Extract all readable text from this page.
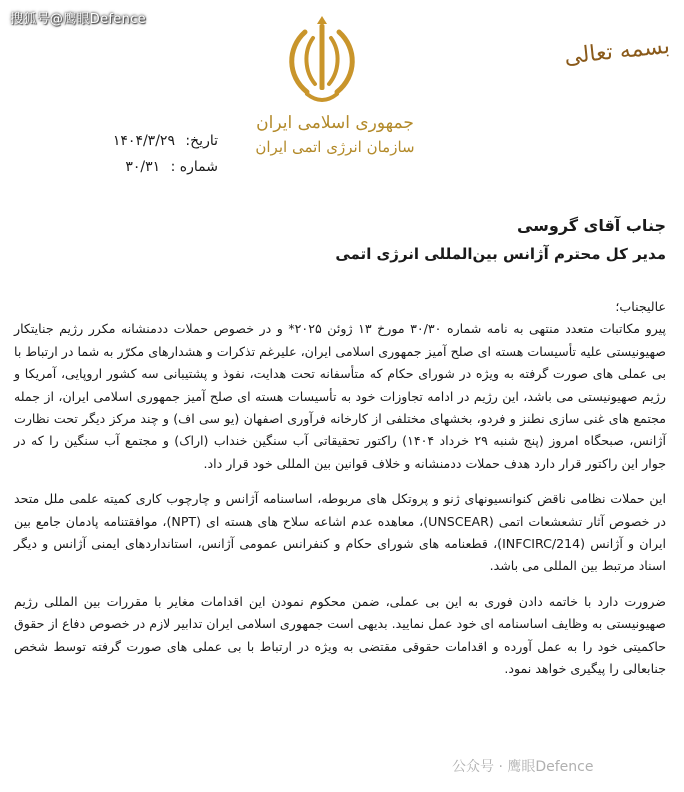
搜狐号@鹰眼Defence
جمهوری اسلامی ایران
سازمان انرژی اتمی ایران
بسمه تعالی
تاریخ: ۱۴۰۴/۳/۲۹
شماره : ۳۰/۳۱
جناب آقای گروسی
مدیر کل محترم آژانس بین‌المللی انرژی اتمی

عالیجناب؛

پیرو مکاتبات متعدد منتهی به نامه شماره ۳۰/۳۰ مورخ ۱۳ ژوئن ۲۰۲۵* و در خصوص حملات ددمنشانه مکرر رژیم جنایتکار صهیونیستی علیه تأسیسات هسته ای صلح آمیز جمهوری اسلامی ایران، علیرغم تذکرات و هشدارهای مکرّر به شما در ارتباط با بی عملی های صورت گرفته به ویژه در شورای حکام که متأسفانه تحت هدایت، نفوذ و پشتیبانی سه کشور اروپایی، آمریکا و رژیم صهیونیستی می باشد، این رژیم در ادامه تجاوزات خود به تأسیسات هسته ای صلح آمیز جمهوری اسلامی ایران، از جمله مجتمع های غنی سازی نطنز و فردو، بخشهای مختلفی از کارخانه فرآوری اصفهان (یو سی اف) و چند مرکز دیگر تحت نظارت آژانس، صبحگاه امروز (پنج شنبه ۲۹ خرداد ۱۴۰۴) راکتور تحقیقاتی آب سنگین خنداب (اراک) و مجتمع آب سنگین را که در جوار این راکتور قرار دارد هدف حملات ددمنشانه و خلاف قوانین بین المللی خود قرار داد.

این حملات نظامی ناقض کنوانسیونهای ژنو و پروتکل های مربوطه، اساسنامه آژانس و چارچوب کاری کمیته علمی ملل متحد در خصوص آثار تشعشعات اتمی (UNSCEAR)، معاهده عدم اشاعه سلاح های هسته ای (NPT)، موافقتنامه پادمان جامع بین ایران و آژانس (INFCIRC/214)، قطعنامه های شورای حکام و کنفرانس عمومی آژانس، استانداردهای ایمنی آژانس و دیگر اسناد مرتبط بین المللی می باشد.

ضرورت دارد با خاتمه دادن فوری به این بی عملی، ضمن محکوم نمودن این اقدامات مغایر با مقررات بین المللی رژیم صهیونیستی به وظایف اساسنامه ای خود عمل نمایید. بدیهی است جمهوری اسلامی ایران تدابیر لازم در خصوص دفاع از حقوق حاکمیتی خود را به عمل آورده و اقدامات حقوقی مقتضی به ویژه در ارتباط با بی عملی های صورت گرفته توسط شخص جنابعالی را پیگیری خواهد نمود.

公众号 · 鹰眼Defence
